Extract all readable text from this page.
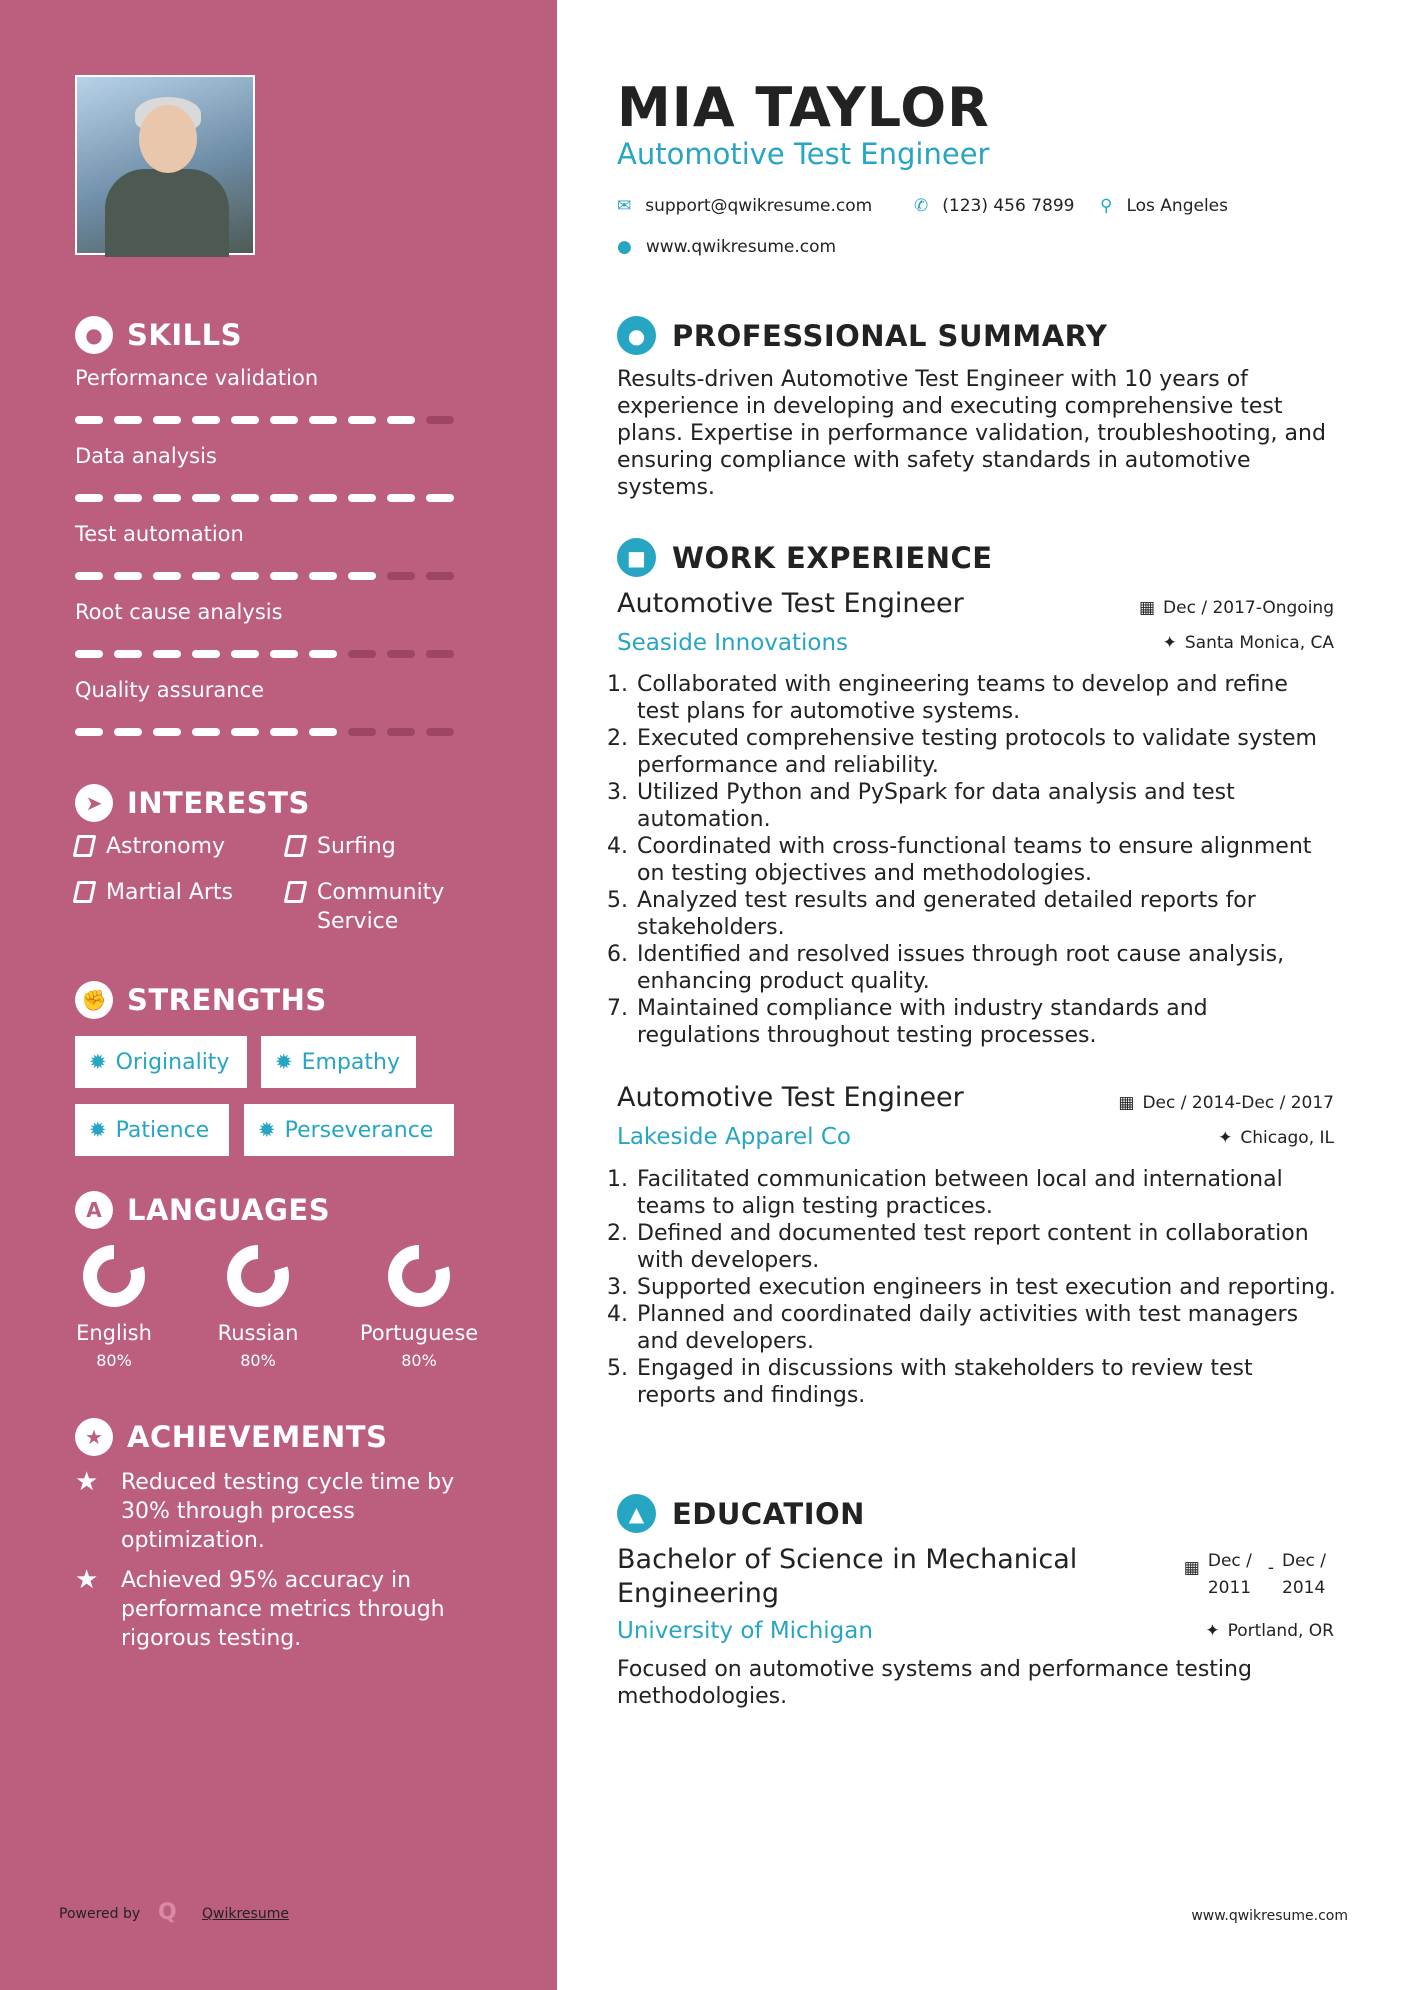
● SKILLS
Performance validation
Data analysis
Test automation
Root cause analysis
Quality assurance
➤ INTERESTS
Astronomy	Surfing
Martial Arts	Community Service
✊ STRENGTHS
✹ Originality ✹ Empathy
✹ Patience ✹ Perseverance
A LANGUAGES
English
80%
Russian
80%
Portuguese
80%
★ ACHIEVEMENTS
★	Reduced testing cycle time by 30% through process optimization.
★	Achieved 95% accuracy in performance metrics through rigorous testing.
Powered by Q Qwikresume
MIA TAYLOR
Automotive Test Engineer
✉ support@qwikresume.com ✆ (123) 456 7899 ⚲ Los Angeles
● www.qwikresume.com
● PROFESSIONAL SUMMARY
Results-driven Automotive Test Engineer with 10 years of experience in developing and executing comprehensive test plans. Expertise in performance validation, troubleshooting, and ensuring compliance with safety standards in automotive systems.
■ WORK EXPERIENCE
Automotive Test Engineer	▦ Dec / 2017-Ongoing
Seaside Innovations	✦ Santa Monica, CA
1. Collaborated with engineering teams to develop and refine test plans for automotive systems.
2. Executed comprehensive testing protocols to validate system performance and reliability.
3. Utilized Python and PySpark for data analysis and test automation.
4. Coordinated with cross-functional teams to ensure alignment on testing objectives and methodologies.
5. Analyzed test results and generated detailed reports for stakeholders.
6. Identified and resolved issues through root cause analysis, enhancing product quality.
7. Maintained compliance with industry standards and regulations throughout testing processes.
Automotive Test Engineer	▦ Dec / 2014-Dec / 2017
Lakeside Apparel Co	✦ Chicago, IL
1. Facilitated communication between local and international teams to align testing practices.
2. Defined and documented test report content in collaboration with developers.
3. Supported execution engineers in test execution and reporting.
4. Planned and coordinated daily activities with test managers and developers.
5. Engaged in discussions with stakeholders to review test reports and findings.
▲ EDUCATION
Bachelor of Science in Mechanical Engineering
▦ Dec / 2011
- Dec / 2014
University of Michigan	✦ Portland, OR
Focused on automotive systems and performance testing methodologies.
www.qwikresume.com
